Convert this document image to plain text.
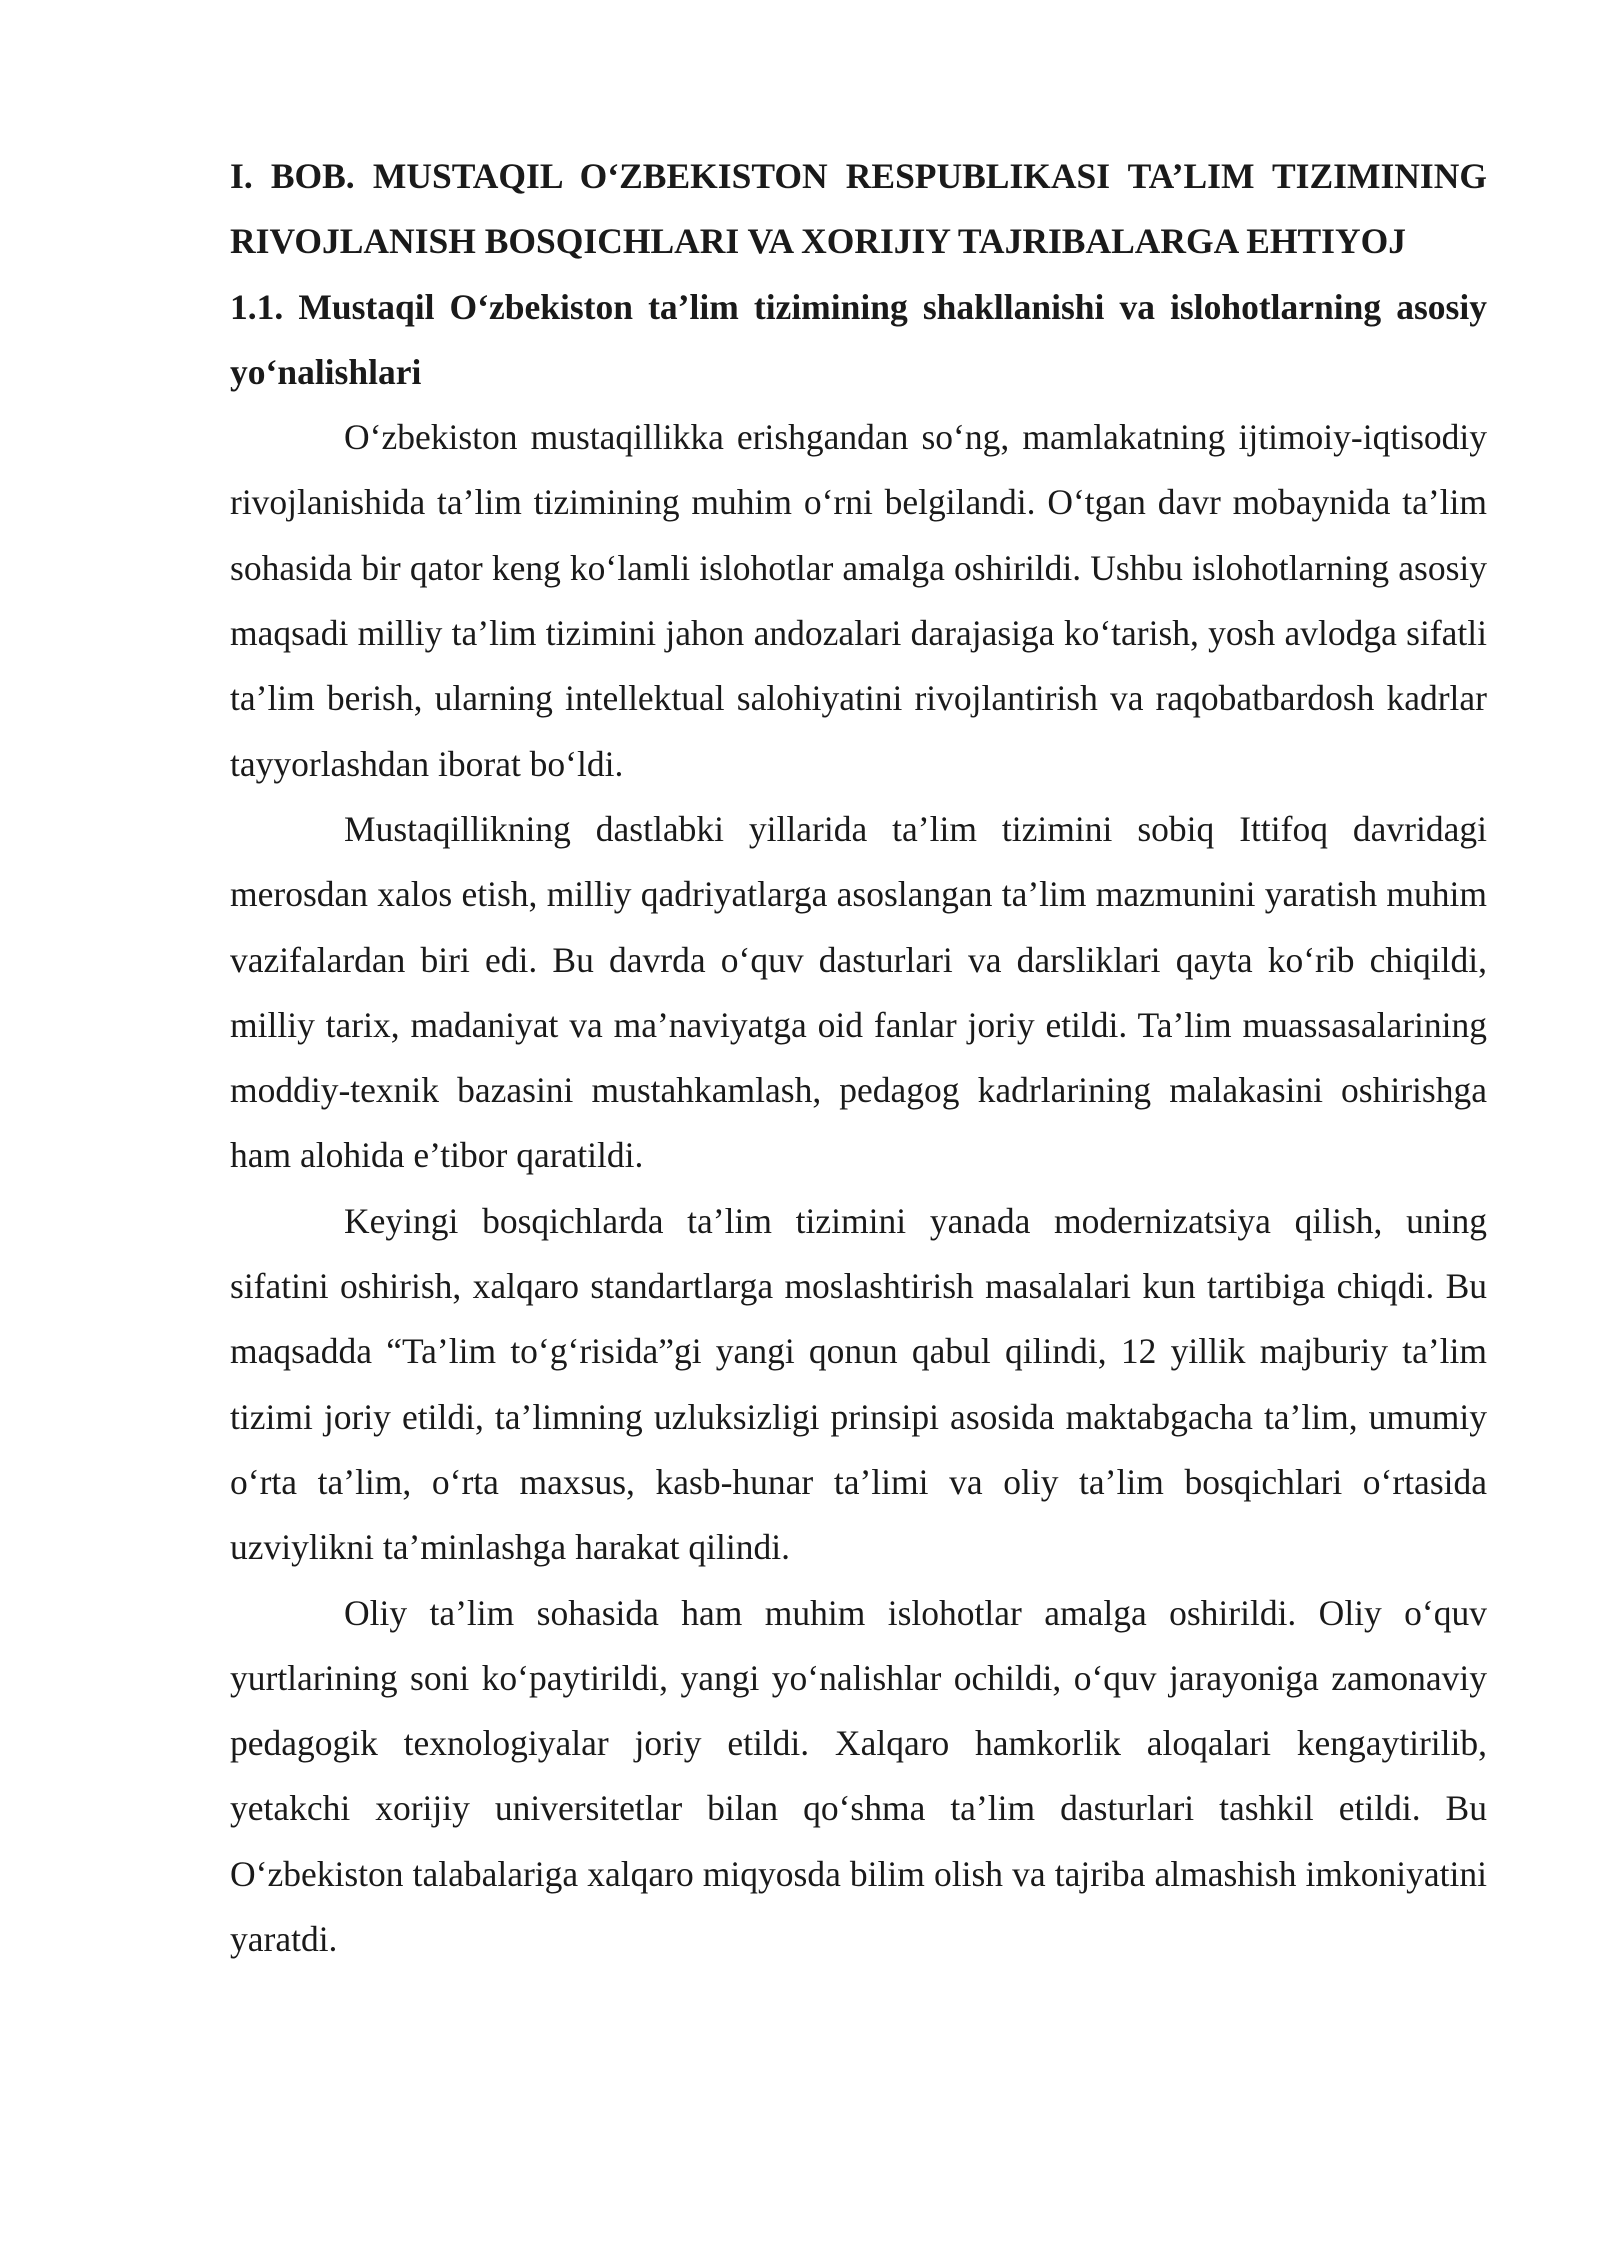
I. BOB. MUSTAQIL O‘ZBEKISTON RESPUBLIKASI TA’LIM TIZIMINING RIVOJLANISH BOSQICHLARI VA XORIJIY TAJRIBALARGA EHTIYOJ

1.1. Mustaqil O‘zbekiston ta’lim tizimining shakllanishi va islohotlarning asosiy yo‘nalishlari

O‘zbekiston mustaqillikka erishgandan so‘ng, mamlakatning ijtimoiy-iqtisodiy rivojlanishida ta’lim tizimining muhim o‘rni belgilandi. O‘tgan davr mobaynida ta’lim sohasida bir qator keng ko‘lamli islohotlar amalga oshirildi. Ushbu islohotlarning asosiy maqsadi milliy ta’lim tizimini jahon andozalari darajasiga ko‘tarish, yosh avlodga sifatli ta’lim berish, ularning intellektual salohiyatini rivojlantirish va raqobatbardosh kadrlar tayyorlashdan iborat bo‘ldi.

Mustaqillikning dastlabki yillarida ta’lim tizimini sobiq Ittifoq davridagi merosdan xalos etish, milliy qadriyatlarga asoslangan ta’lim mazmunini yaratish muhim vazifalardan biri edi. Bu davrda o‘quv dasturlari va darsliklari qayta ko‘rib chiqildi, milliy tarix, madaniyat va ma’naviyatga oid fanlar joriy etildi. Ta’lim muassasalarining moddiy-texnik bazasini mustahkamlash, pedagog kadrlarining malakasini oshirishga ham alohida e’tibor qaratildi.

Keyingi bosqichlarda ta’lim tizimini yanada modernizatsiya qilish, uning sifatini oshirish, xalqaro standartlarga moslashtirish masalalari kun tartibiga chiqdi. Bu maqsadda “Ta’lim to‘g‘risida”gi yangi qonun qabul qilindi, 12 yillik majburiy ta’lim tizimi joriy etildi, ta’limning uzluksizligi prinsipi asosida maktabgacha ta’lim, umumiy o‘rta ta’lim, o‘rta maxsus, kasb-hunar ta’limi va oliy ta’lim bosqichlari o‘rtasida uzviylikni ta’minlashga harakat qilindi.

Oliy ta’lim sohasida ham muhim islohotlar amalga oshirildi. Oliy o‘quv yurtlarining soni ko‘paytirildi, yangi yo‘nalishlar ochildi, o‘quv jarayoniga zamonaviy pedagogik texnologiyalar joriy etildi. Xalqaro hamkorlik aloqalari kengaytirilib, yetakchi xorijiy universitetlar bilan qo‘shma ta’lim dasturlari tashkil etildi. Bu O‘zbekiston talabalariga xalqaro miqyosda bilim olish va tajriba almashish imkoniyatini yaratdi.
